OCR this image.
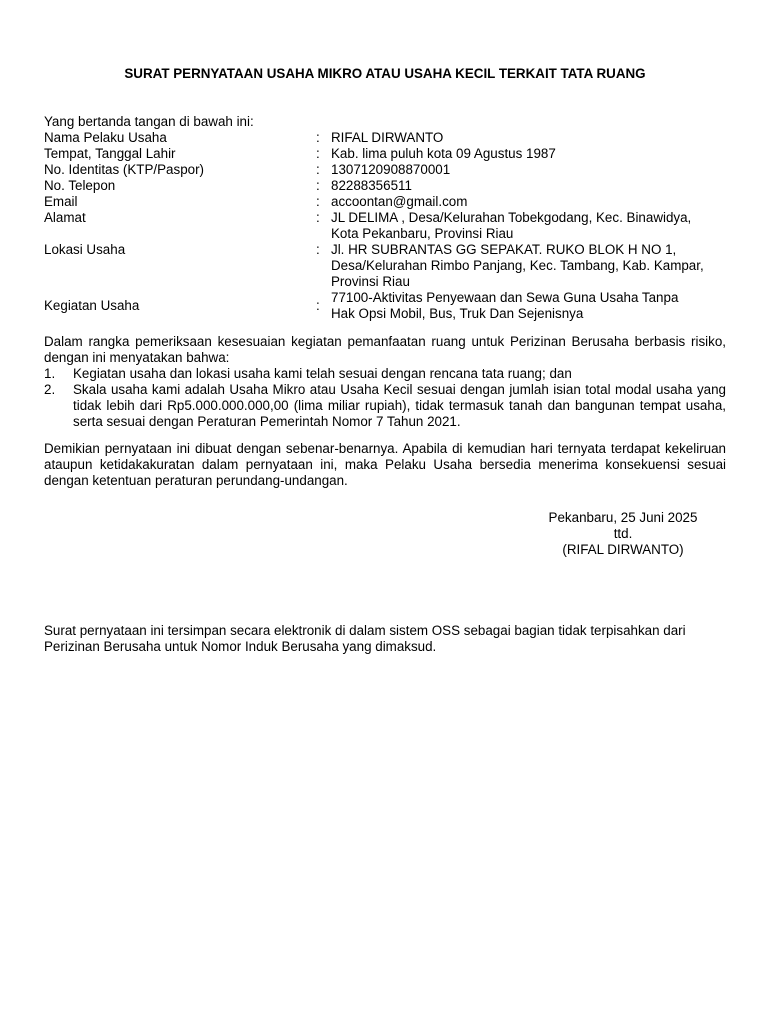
SURAT PERNYATAAN USAHA MIKRO ATAU USAHA KECIL TERKAIT TATA RUANG
Yang bertanda tangan di bawah ini:
Nama Pelaku Usaha	: RIFAL DIRWANTO
Tempat, Tanggal Lahir	: Kab. lima puluh kota 09 Agustus 1987
No. Identitas (KTP/Paspor)	: 1307120908870001
No. Telepon	: 82288356511
Email	: accoontan@gmail.com
Alamat	: JL DELIMA , Desa/Kelurahan Tobekgodang, Kec. Binawidya,
Kota Pekanbaru, Provinsi Riau
Lokasi Usaha	: Jl. HR SUBRANTAS GG SEPAKAT. RUKO BLOK H NO 1,
Desa/Kelurahan Rimbo Panjang, Kec. Tambang, Kab. Kampar,
Provinsi Riau
Kegiatan Usaha	:
77100-Aktivitas Penyewaan dan Sewa Guna Usaha Tanpa
Hak Opsi Mobil, Bus, Truk Dan Sejenisnya
Dalam rangka pemeriksaan kesesuaian kegiatan pemanfaatan ruang untuk Perizinan Berusaha berbasis risiko, dengan ini menyatakan bahwa:
1.	Kegiatan usaha dan lokasi usaha kami telah sesuai dengan rencana tata ruang; dan
2.	Skala usaha kami adalah Usaha Mikro atau Usaha Kecil sesuai dengan jumlah isian total modal usaha yang tidak lebih dari Rp5.000.000.000,00 (lima miliar rupiah), tidak termasuk tanah dan bangunan tempat usaha, serta sesuai dengan Peraturan Pemerintah Nomor 7 Tahun 2021.
Demikian pernyataan ini dibuat dengan sebenar-benarnya. Apabila di kemudian hari ternyata terdapat kekeliruan ataupun ketidakakuratan dalam pernyataan ini, maka Pelaku Usaha bersedia menerima konsekuensi sesuai dengan ketentuan peraturan perundang-undangan.
Pekanbaru, 25 Juni 2025
ttd.
(RIFAL DIRWANTO)
Surat pernyataan ini tersimpan secara elektronik di dalam sistem OSS sebagai bagian tidak terpisahkan dari Perizinan Berusaha untuk Nomor Induk Berusaha yang dimaksud.
